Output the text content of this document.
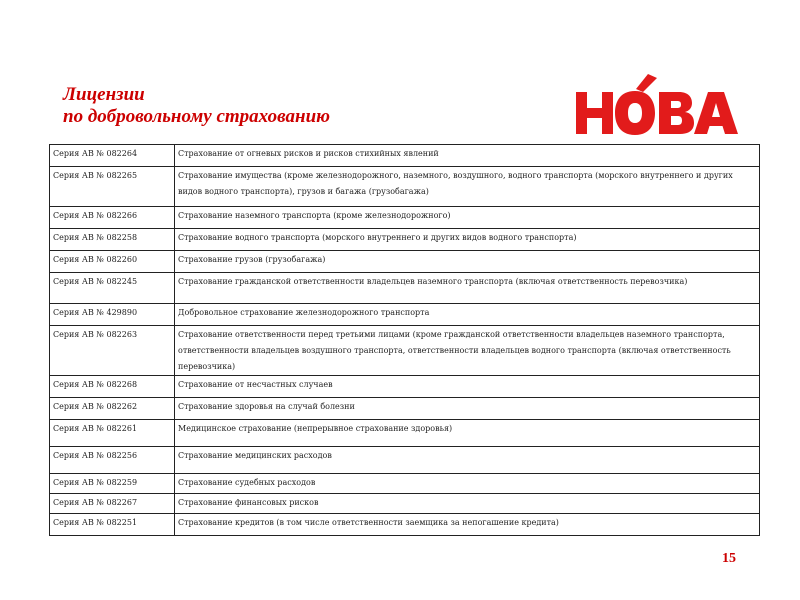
Лицензии
по добровольному страхованию
Серия АВ № 082264	Страхование от огневых рисков и рисков стихийных явлений
Серия АВ № 082265	Страхование имущества (кроме железнодорожного, наземного, воздушного, водного транспорта (морского внутреннего и других видов водного транспорта), грузов и багажа (грузобагажа)
Серия АВ № 082266	Страхование наземного транспорта (кроме железнодорожного)
Серия АВ № 082258	Страхование водного транспорта (морского внутреннего и других видов водного транспорта)
Серия АВ № 082260	Страхование грузов (грузобагажа)
Серия АВ № 082245	Страхование гражданской ответственности владельцев наземного транспорта (включая ответственность перевозчика)
Серия АВ № 429890	Добровольное страхование железнодорожного транспорта
Серия АВ № 082263	Страхование ответственности перед третьими лицами (кроме гражданской ответственности владельцев наземного транспорта, ответственности владельцев воздушного транспорта, ответственности владельцев водного транспорта (включая ответственность перевозчика)
Серия АВ № 082268	Страхование от несчастных случаев
Серия АВ № 082262	Страхование здоровья на случай болезни
Серия АВ № 082261	Медицинское страхование (непрерывное страхование здоровья)
Серия АВ № 082256	Страхование медицинских расходов
Серия АВ № 082259	Страхование судебных расходов
Серия АВ № 082267	Страхование финансовых рисков
Серия АВ № 082251	Страхование кредитов (в том числе ответственности заемщика за непогашение кредита)
15
